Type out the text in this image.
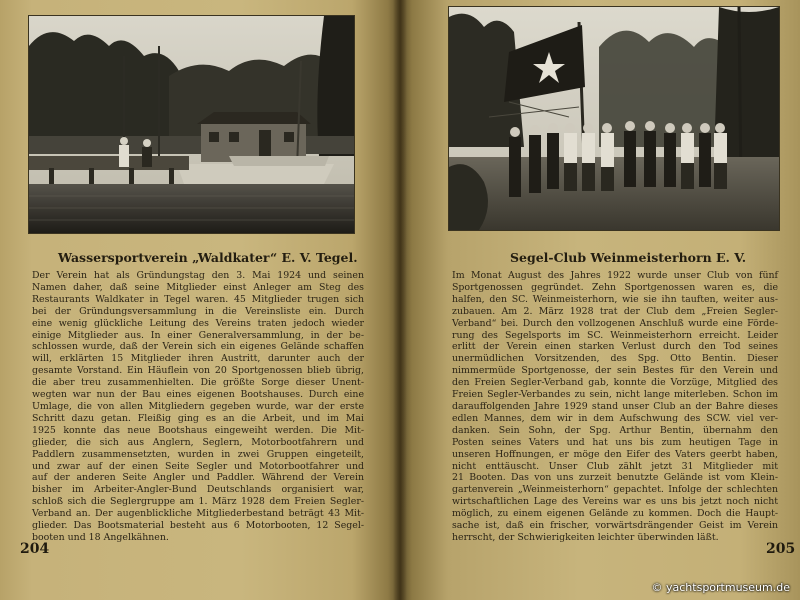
Wassersportverein „Waldkater“ E. V. Tegel.
Der Verein hat als Gründungstag den 3. Mai 1924 und seinen
Namen daher, daß seine Mitglieder einst Anleger am Steg des
Restaurants Waldkater in Tegel waren. 45 Mitglieder trugen sich
bei der Gründungsversammlung in die Vereinsliste ein. Durch
eine wenig glückliche Leitung des Vereins traten jedoch wieder
einige Mitglieder aus. In einer Generalversammlung, in der be-
schlossen wurde, daß der Verein sich ein eigenes Gelände schaffen
will, erklärten 15 Mitglieder ihren Austritt, darunter auch der
gesamte Vorstand. Ein Häuflein von 20 Sportgenossen blieb übrig,
die aber treu zusammenhielten. Die größte Sorge dieser Unent-
wegten war nun der Bau eines eigenen Bootshauses. Durch eine
Umlage, die von allen Mitgliedern gegeben wurde, war der erste
Schritt dazu getan. Fleißig ging es an die Arbeit, und im Mai
1925 konnte das neue Bootshaus eingeweiht werden. Die Mit-
glieder, die sich aus Anglern, Seglern, Motorbootfahrern und
Paddlern zusammensetzten, wurden in zwei Gruppen eingeteilt,
und zwar auf der einen Seite Segler und Motorbootfahrer und
auf der anderen Seite Angler und Paddler. Während der Verein
bisher im Arbeiter-Angler-Bund Deutschlands organisiert war,
schloß sich die Seglergruppe am 1. März 1928 dem Freien Segler-
Verband an. Der augenblickliche Mitgliederbestand beträgt 43 Mit-
glieder. Das Bootsmaterial besteht aus 6 Motorbooten, 12 Segel-
booten und 18 Angelkähnen.
204
Segel-Club Weinmeisterhorn E. V.
Im Monat August des Jahres 1922 wurde unser Club von fünf
Sportgenossen gegründet. Zehn Sportgenossen waren es, die
halfen, den SC. Weinmeisterhorn, wie sie ihn tauften, weiter aus-
zubauen. Am 2. März 1928 trat der Club dem „Freien Segler-
Verband“ bei. Durch den vollzogenen Anschluß wurde eine Förde-
rung des Segelsports im SC. Weinmeisterhorn erreicht. Leider
erlitt der Verein einen starken Verlust durch den Tod seines
unermüdlichen Vorsitzenden, des Spg. Otto Bentin. Dieser
nimmermüde Sportgenosse, der sein Bestes für den Verein und
den Freien Segler-Verband gab, konnte die Vorzüge, Mitglied des
Freien Segler-Verbandes zu sein, nicht lange miterleben. Schon im
darauffolgenden Jahre 1929 stand unser Club an der Bahre dieses
edlen Mannes, dem wir in dem Aufschwung des SCW. viel ver-
danken. Sein Sohn, der Spg. Arthur Bentin, übernahm den
Posten seines Vaters und hat uns bis zum heutigen Tage in
unseren Hoffnungen, er möge den Eifer des Vaters geerbt haben,
nicht enttäuscht. Unser Club zählt jetzt 31 Mitglieder mit
21 Booten. Das von uns zurzeit benutzte Gelände ist vom Klein-
gartenverein „Weinmeisterhorn“ gepachtet. Infolge der schlechten
wirtschaftlichen Lage des Vereins war es uns bis jetzt noch nicht
möglich, zu einem eigenen Gelände zu kommen. Doch die Haupt-
sache ist, daß ein frischer, vorwärtsdrängender Geist im Verein
herrscht, der Schwierigkeiten leichter überwinden läßt.
205
© yachtsportmuseum.de
